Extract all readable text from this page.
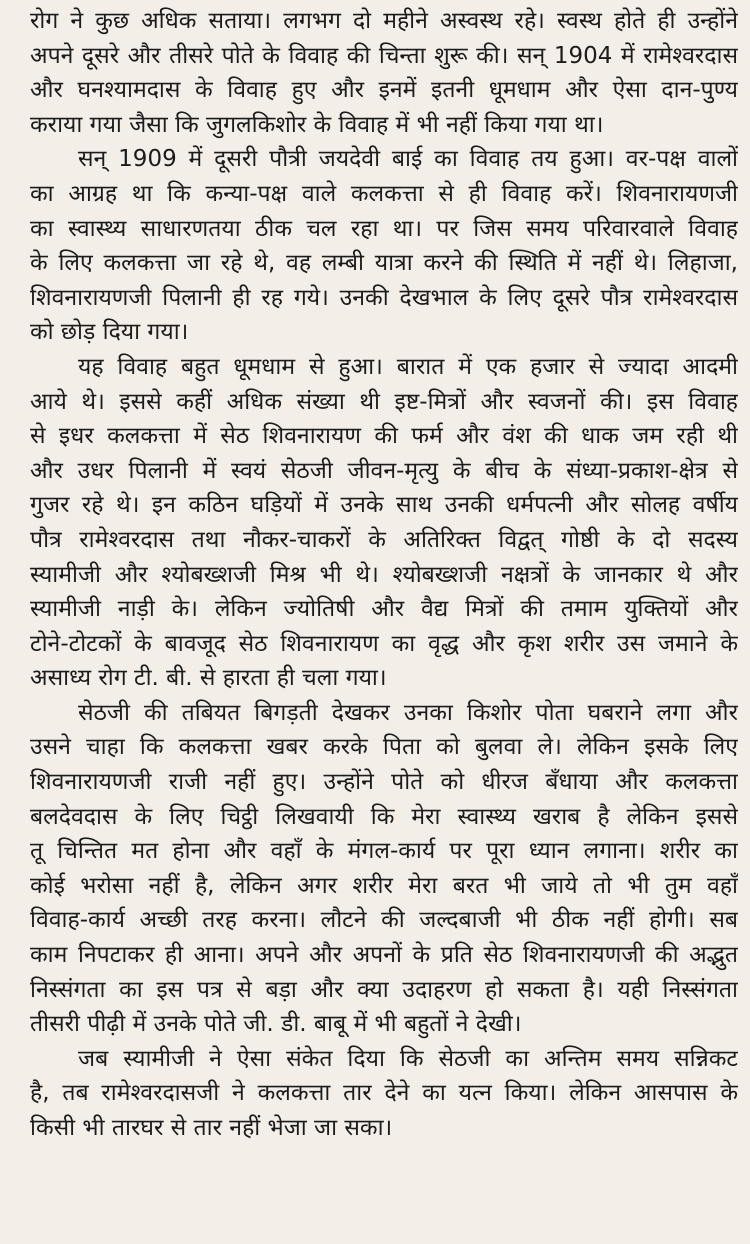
रोग ने कुछ अधिक सताया। लगभग दो महीने अस्वस्थ रहे। स्वस्थ होते ही उन्होंने
अपने दूसरे और तीसरे पोते के विवाह की चिन्ता शुरू की। सन् 1904 में रामेश्वरदास
और घनश्यामदास के विवाह हुए और इनमें इतनी धूमधाम और ऐसा दान-पुण्य
कराया गया जैसा कि जुगलकिशोर के विवाह में भी नहीं किया गया था।
सन् 1909 में दूसरी पौत्री जयदेवी बाई का विवाह तय हुआ। वर-पक्ष वालों
का आग्रह था कि कन्या-पक्ष वाले कलकत्ता से ही विवाह करें। शिवनारायणजी
का स्वास्थ्य साधारणतया ठीक चल रहा था। पर जिस समय परिवारवाले विवाह
के लिए कलकत्ता जा रहे थे, वह लम्बी यात्रा करने की स्थिति में नहीं थे। लिहाजा,
शिवनारायणजी पिलानी ही रह गये। उनकी देखभाल के लिए दूसरे पौत्र रामेश्वरदास
को छोड़ दिया गया।
यह विवाह बहुत धूमधाम से हुआ। बारात में एक हजार से ज्यादा आदमी
आये थे। इससे कहीं अधिक संख्या थी इष्ट-मित्रों और स्वजनों की। इस विवाह
से इधर कलकत्ता में सेठ शिवनारायण की फर्म और वंश की धाक जम रही थी
और उधर पिलानी में स्वयं सेठजी जीवन-मृत्यु के बीच के संध्या-प्रकाश-क्षेत्र से
गुजर रहे थे। इन कठिन घड़ियों में उनके साथ उनकी धर्मपत्नी और सोलह वर्षीय
पौत्र रामेश्वरदास तथा नौकर-चाकरों के अतिरिक्त विद्वत् गोष्ठी के दो सदस्य
स्यामीजी और श्योबख्शजी मिश्र भी थे। श्योबख्शजी नक्षत्रों के जानकार थे और
स्यामीजी नाड़ी के। लेकिन ज्योतिषी और वैद्य मित्रों की तमाम युक्तियों और
टोने-टोटकों के बावजूद सेठ शिवनारायण का वृद्ध और कृश शरीर उस जमाने के
असाध्य रोग टी. बी. से हारता ही चला गया।
सेठजी की तबियत बिगड़ती देखकर उनका किशोर पोता घबराने लगा और
उसने चाहा कि कलकत्ता खबर करके पिता को बुलवा ले। लेकिन इसके लिए
शिवनारायणजी राजी नहीं हुए। उन्होंने पोते को धीरज बँधाया और कलकत्ता
बलदेवदास के लिए चिट्ठी लिखवायी कि मेरा स्वास्थ्य खराब है लेकिन इससे
तू चिन्तित मत होना और वहाँ के मंगल-कार्य पर पूरा ध्यान लगाना। शरीर का
कोई भरोसा नहीं है, लेकिन अगर शरीर मेरा बरत भी जाये तो भी तुम वहाँ
विवाह-कार्य अच्छी तरह करना। लौटने की जल्दबाजी भी ठीक नहीं होगी। सब
काम निपटाकर ही आना। अपने और अपनों के प्रति सेठ शिवनारायणजी की अद्भुत
निस्संगता का इस पत्र से बड़ा और क्या उदाहरण हो सकता है। यही निस्संगता
तीसरी पीढ़ी में उनके पोते जी. डी. बाबू में भी बहुतों ने देखी।
जब स्यामीजी ने ऐसा संकेत दिया कि सेठजी का अन्तिम समय सन्निकट
है, तब रामेश्वरदासजी ने कलकत्ता तार देने का यत्न किया। लेकिन आसपास के
किसी भी तारघर से तार नहीं भेजा जा सका।
